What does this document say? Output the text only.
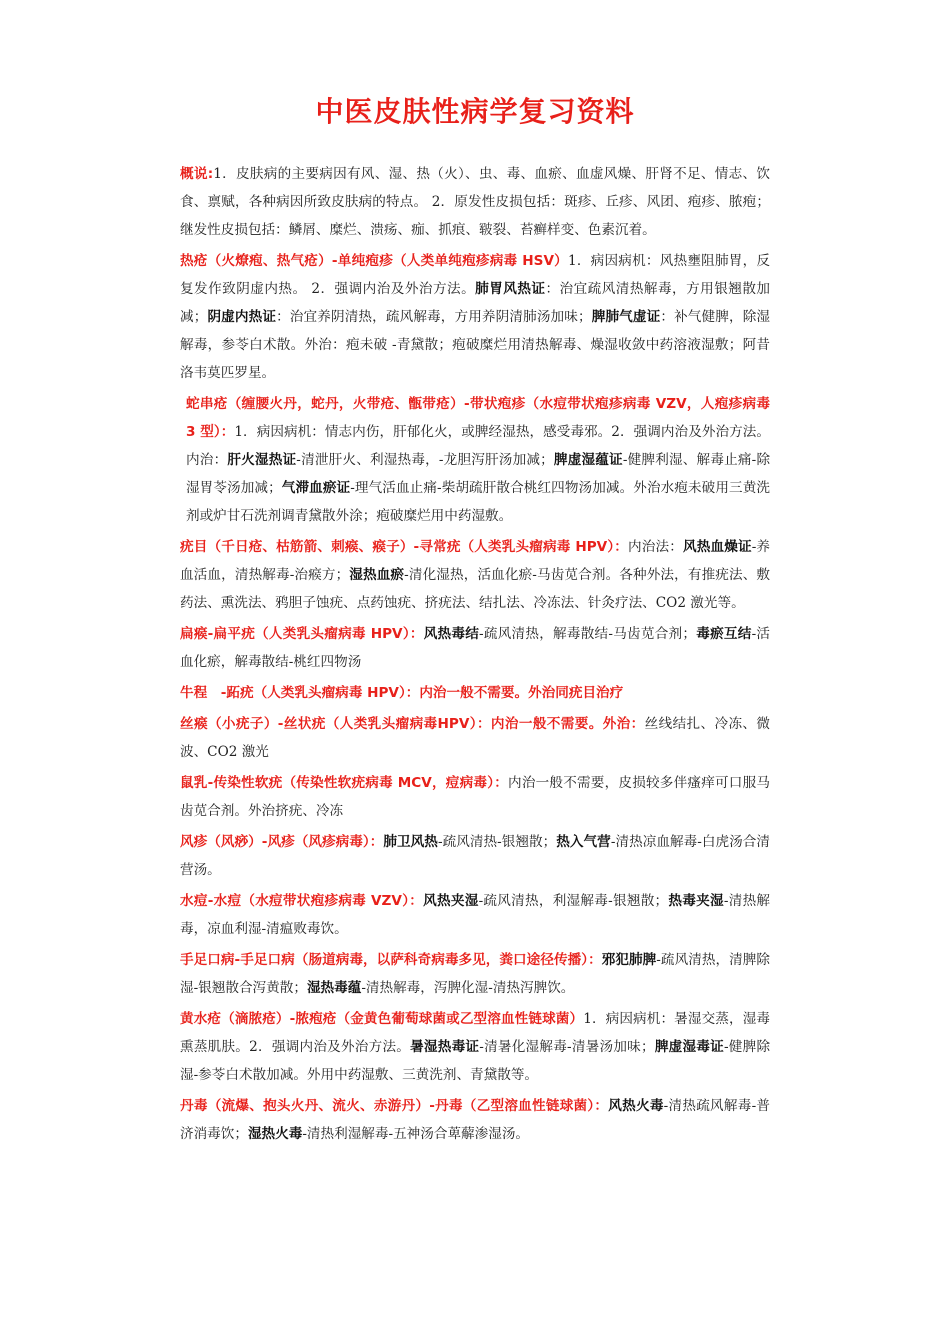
中医皮肤性病学复习资料

概说:1．皮肤病的主要病因有风、湿、热（火）、虫、毒、血瘀、血虚风燥、肝肾不足、情志、饮食、禀赋，各种病因所致皮肤病的特点。 2．原发性皮损包括：斑疹、丘疹、风团、疱疹、脓疱；继发性皮损包括：鳞屑、糜烂、溃疡、痂、抓痕、皲裂、苔癣样变、色素沉着。

热疮（火燎疱、热气疮）-单纯疱疹（人类单纯疱疹病毒 HSV）1．病因病机：风热壅阻肺胃，反复发作致阴虚内热。 2．强调内治及外治方法。肺胃风热证：治宜疏风清热解毒，方用银翘散加减；阴虚内热证：治宜养阴清热，疏风解毒，方用养阴清肺汤加味；脾肺气虚证：补气健脾，除湿解毒，参苓白术散。外治：疱未破 -青黛散；疱破糜烂用清热解毒、燥湿收敛中药溶液湿敷；阿昔洛韦莫匹罗星。

蛇串疮（缠腰火丹，蛇丹，火带疮、甑带疮）-带状疱疹（水痘带状疱疹病毒 VZV，人疱疹病毒 3 型）：1．病因病机：情志内伤，肝郁化火，或脾经湿热，感受毒邪。2．强调内治及外治方法。内治：肝火湿热证-清泄肝火、利湿热毒，-龙胆泻肝汤加减；脾虚湿蕴证-健脾利湿、解毒止痛-除湿胃苓汤加减；气滞血瘀证-理气活血止痛-柴胡疏肝散合桃红四物汤加减。外治水疱未破用三黄洗剂或炉甘石洗剂调青黛散外涂；疱破糜烂用中药湿敷。

疣目（千日疮、枯筋箭、刺瘊、瘊子）-寻常疣（人类乳头瘤病毒 HPV）：内治法：风热血燥证-养血活血，清热解毒-治瘊方；湿热血瘀-清化湿热，活血化瘀-马齿苋合剂。各种外法，有推疣法、敷药法、熏洗法、鸦胆子蚀疣、点药蚀疣、挤疣法、结扎法、冷冻法、针灸疗法、CO2 激光等。

扁瘊-扁平疣（人类乳头瘤病毒 HPV）：风热毒结-疏风清热，解毒散结-马齿苋合剂；毒瘀互结-活血化瘀，解毒散结-桃红四物汤

牛程　-跖疣（人类乳头瘤病毒 HPV）：内治一般不需要。外治同疣目治疗

丝瘊（小疣子）-丝状疣（人类乳头瘤病毒HPV）：内治一般不需要。外治：丝线结扎、冷冻、微波、CO2 激光

鼠乳-传染性软疣（传染性软疣病毒 MCV，痘病毒）：内治一般不需要，皮损较多伴瘙痒可口服马齿苋合剂。外治挤疣、冷冻

风疹（风痧）-风疹（风疹病毒）：肺卫风热-疏风清热-银翘散；热入气营-清热凉血解毒-白虎汤合清营汤。

水痘-水痘（水痘带状疱疹病毒 VZV）：风热夹湿-疏风清热，利湿解毒-银翘散；热毒夹湿-清热解毒，凉血利湿-清瘟败毒饮。

手足口病-手足口病（肠道病毒，以萨科奇病毒多见，粪口途径传播）：邪犯肺脾-疏风清热，清脾除湿-银翘散合泻黄散；湿热毒蕴-清热解毒，泻脾化湿-清热泻脾饮。

黄水疮（滴脓疮）-脓疱疮（金黄色葡萄球菌或乙型溶血性链球菌）1．病因病机：暑湿交蒸，湿毒熏蒸肌肤。2．强调内治及外治方法。暑湿热毒证-清暑化湿解毒-清暑汤加味；脾虚湿毒证-健脾除湿-参苓白术散加减。外用中药湿敷、三黄洗剂、青黛散等。

丹毒（流爆、抱头火丹、流火、赤游丹）-丹毒（乙型溶血性链球菌）：风热火毒-清热疏风解毒-普济消毒饮；湿热火毒-清热利湿解毒-五神汤合萆薢渗湿汤。
